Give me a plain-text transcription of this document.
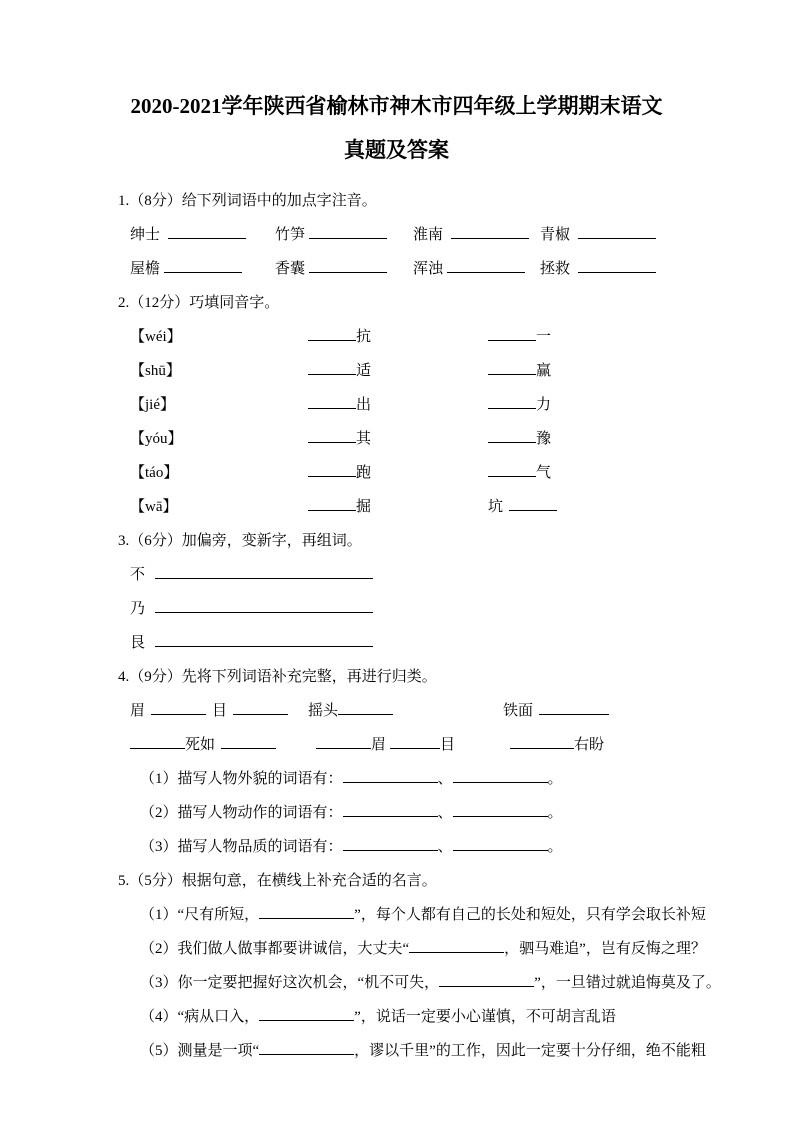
2020-2021学年陕西省榆林市神木市四年级上学期期末语文
真题及答案
1.（8分）给下列词语中的加点字注音。
绅士	竹笋	淮南	青椒
屋檐	香囊	浑浊	拯救
2.（12分）巧填同音字。
【wéi】	抗	一
【shū】	适	赢
【jié】	出	力
【yóu】	其	豫
【táo】	跑	气
【wā】	掘	坑
3.（6分）加偏旁，变新字，再组词。
不
乃
艮
4.（9分）先将下列词语补充完整，再进行归类。
眉	目	摇头	铁面
死如	眉	目	右盼
（1）描写人物外貌的词语有：	、	。
（2）描写人物动作的词语有：	、	。
（3）描写人物品质的词语有：	、	。
5.（5分）根据句意，在横线上补充合适的名言。
（1）“尺有所短，	”，每个人都有自己的长处和短处，只有学会取长补短
（2）我们做人做事都要讲诚信，大丈夫“	，驷马难追”，岂有反悔之理？
（3）你一定要把握好这次机会，“机不可失，	”，一旦错过就追悔莫及了。
（4）“病从口入，	”，说话一定要小心谨慎，不可胡言乱语
（5）测量是一项“	，谬以千里”的工作，因此一定要十分仔细，绝不能粗
